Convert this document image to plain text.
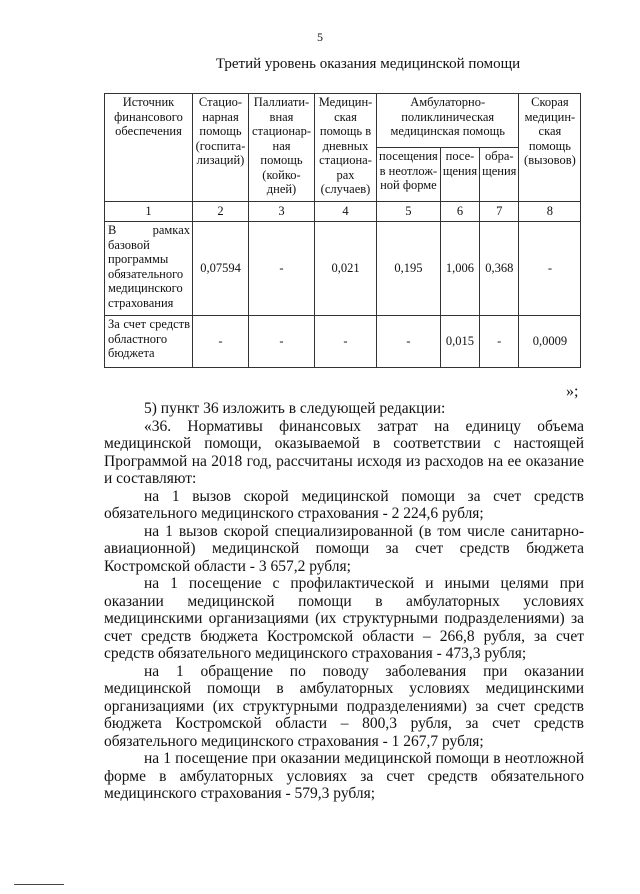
5
Третий уровень оказания медицинской помощи
Источник финансового обеспечения	Стацио-нарная помощь (госпита-лизаций)	Паллиати-вная стационар-ная помощь (койко-дней)	Медицин-ская помощь в дневных стациона-рах (случаев)	Амбулаторно-поликлиническая медицинская помощь			Скорая медицин-ская помощь (вызовов)
				посещения в неотлож-ной форме	посе-щения	обра-щения	
1	2	3	4	5	6	7	8
В рамках базовой программы обязательного медицинского страхования	0,07594	-	0,021	0,195	1,006	0,368	-
За счет средств областного бюджета	-	-	-	-	0,015	-	0,0009
»;

5) пункт 36 изложить в следующей редакции:

«36. Нормативы финансовых затрат на единицу объема медицинской помощи, оказываемой в соответствии с настоящей Программой на 2018 год, рассчитаны исходя из расходов на ее оказание и составляют:

на 1 вызов скорой медицинской помощи за счет средств обязательного медицинского страхования - 2 224,6 рубля;

на 1 вызов скорой специализированной (в том числе санитарно-авиационной) медицинской помощи за счет средств бюджета Костромской области - 3 657,2 рубля;

на 1 посещение с профилактической и иными целями при оказании медицинской помощи в амбулаторных условиях медицинскими организациями (их структурными подразделениями) за счет средств бюджета Костромской области – 266,8 рубля, за счет средств обязательного медицинского страхования - 473,3 рубля;

на 1 обращение по поводу заболевания при оказании медицинской помощи в амбулаторных условиях медицинскими организациями (их структурными подразделениями) за счет средств бюджета Костромской области – 800,3 рубля, за счет средств обязательного медицинского страхования - 1 267,7 рубля;

на 1 посещение при оказании медицинской помощи в неотложной форме в амбулаторных условиях за счет средств обязательного медицинского страхования - 579,3 рубля;
